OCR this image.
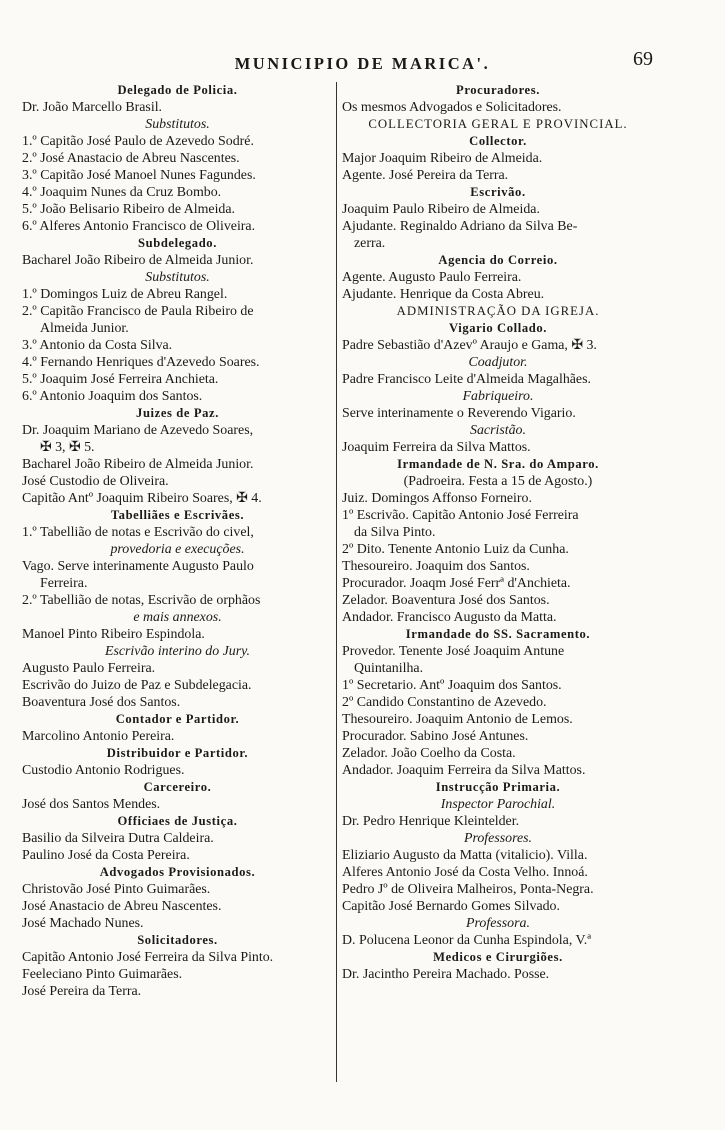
MUNICIPIO DE MARICA'.	69
Delegado de Policia.
Dr. João Marcello Brasil.
Substitutos.
1.º Capitão José Paulo de Azevedo Sodré.
2.º José Anastacio de Abreu Nascentes.
3.º Capitão José Manoel Nunes Fagundes.
4.º Joaquim Nunes da Cruz Bombo.
5.º João Belisario Ribeiro de Almeida.
6.º Alferes Antonio Francisco de Oliveira.
Subdelegado.
Bacharel João Ribeiro de Almeida Junior.
Substitutos.
1.º Domingos Luiz de Abreu Rangel.
2.º Capitão Francisco de Paula Ribeiro de
Almeida Junior.
3.º Antonio da Costa Silva.
4.º Fernando Henriques d'Azevedo Soares.
5.º Joaquim José Ferreira Anchieta.
6.º Antonio Joaquim dos Santos.
Juizes de Paz.
Dr. Joaquim Mariano de Azevedo Soares,
✠ 3, ✠ 5.
Bacharel João Ribeiro de Almeida Junior.
José Custodio de Oliveira.
Capitão Antº Joaquim Ribeiro Soares, ✠ 4.
Tabelliães e Escrivães.
1.º Tabellião de notas e Escrivão do civel,
provedoria e execuções.
Vago. Serve interinamente Augusto Paulo
Ferreira.
2.º Tabellião de notas, Escrivão de orphãos
e mais annexos.
Manoel Pinto Ribeiro Espindola.
Escrivão interino do Jury.
Augusto Paulo Ferreira.
Escrivão do Juizo de Paz e Subdelegacia.
Boaventura José dos Santos.
Contador e Partidor.
Marcolino Antonio Pereira.
Distribuidor e Partidor.
Custodio Antonio Rodrigues.
Carcereiro.
José dos Santos Mendes.
Officiaes de Justiça.
Basilio da Silveira Dutra Caldeira.
Paulino José da Costa Pereira.
Advogados Provisionados.
Christovão José Pinto Guimarães.
José Anastacio de Abreu Nascentes.
José Machado Nunes.
Solicitadores.
Capitão Antonio José Ferreira da Silva Pinto.
Feeleciano Pinto Guimarães.
José Pereira da Terra.
Procuradores.
Os mesmos Advogados e Solicitadores.
COLLECTORIA GERAL E PROVINCIAL.
Collector.
Major Joaquim Ribeiro de Almeida.
Agente. José Pereira da Terra.
Escrivão.
Joaquim Paulo Ribeiro de Almeida.
Ajudante. Reginaldo Adriano da Silva Be-
zerra.
Agencia do Correio.
Agente. Augusto Paulo Ferreira.
Ajudante. Henrique da Costa Abreu.
ADMINISTRAÇÃO DA IGREJA.
Vigario Collado.
Padre Sebastião d'Azevº Araujo e Gama, ✠ 3.
Coadjutor.
Padre Francisco Leite d'Almeida Magalhães.
Fabriqueiro.
Serve interinamente o Reverendo Vigario.
Sacristão.
Joaquim Ferreira da Silva Mattos.
Irmandade de N. Sra. do Amparo.
(Padroeira. Festa a 15 de Agosto.)
Juiz. Domingos Affonso Forneiro.
1º Escrivão. Capitão Antonio José Ferreira
da Silva Pinto.
2º Dito. Tenente Antonio Luiz da Cunha.
Thesoureiro. Joaquim dos Santos.
Procurador. Joaqm José Ferrª d'Anchieta.
Zelador. Boaventura José dos Santos.
Andador. Francisco Augusto da Matta.
Irmandade do SS. Sacramento.
Provedor. Tenente José Joaquim Antune
Quintanilha.
1º Secretario. Antº Joaquim dos Santos.
2º Candido Constantino de Azevedo.
Thesoureiro. Joaquim Antonio de Lemos.
Procurador. Sabino José Antunes.
Zelador. João Coelho da Costa.
Andador. Joaquim Ferreira da Silva Mattos.
Instrucção Primaria.
Inspector Parochial.
Dr. Pedro Henrique Kleintelder.
Professores.
Eliziario Augusto da Matta (vitalicio). Villa.
Alferes Antonio José da Costa Velho. Innoá.
Pedro Jº de Oliveira Malheiros, Ponta-Negra.
Capitão José Bernardo Gomes Silvado.
Professora.
D. Polucena Leonor da Cunha Espindola, V.ª
Medicos e Cirurgiões.
Dr. Jacintho Pereira Machado. Posse.
